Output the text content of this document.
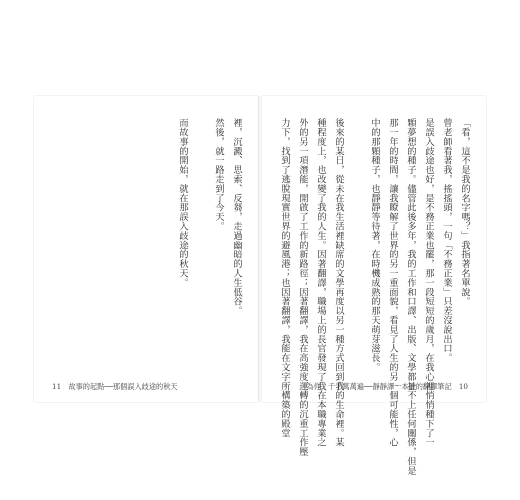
裡，沉澱、思索、反芻，走過幽暗的人生低谷。
然後，就一路走到了今天。
而故事的開始，就在那誤入歧途的秋天。
11　故事的起點──那個誤入歧途的秋天
「看，這不是我的名字嗎？」我指著名單說。
曾老師看著我，搖搖頭，一句「不務正業」只差沒說出口。
是誤入歧途也好，是不務正業也罷，那一段短短的歲月，在我心裡悄悄種下了一
顆夢想的種子。儘管此後多年，我的工作和口譯、出版、文學都扯不上任何關係，但是
那一年的時間，讓我瞭解了世界的另一重面貌，看見了人生的另一個可能性，心
中的那顆種子，也靜靜等待著，在時機成熟的那天萌芽滋長。
後來的某日，從未在我生活裡缺席的文學再度以另一種方式回到我的生命裡。某
種程度上，也改變了我的人生。因著翻譯，職場上的長官發現了我在本職專業之
外的另一項潛能，開啟了工作的新路徑；因著翻譯，我在高強度運轉的沉重工作壓
力下，找到了逃脫現實世界的避風港；也因著翻譯，我能在文字所構築的殿堂 為你，千千萬萬遍──靜靜譯一本書的翻譯筆記　10
